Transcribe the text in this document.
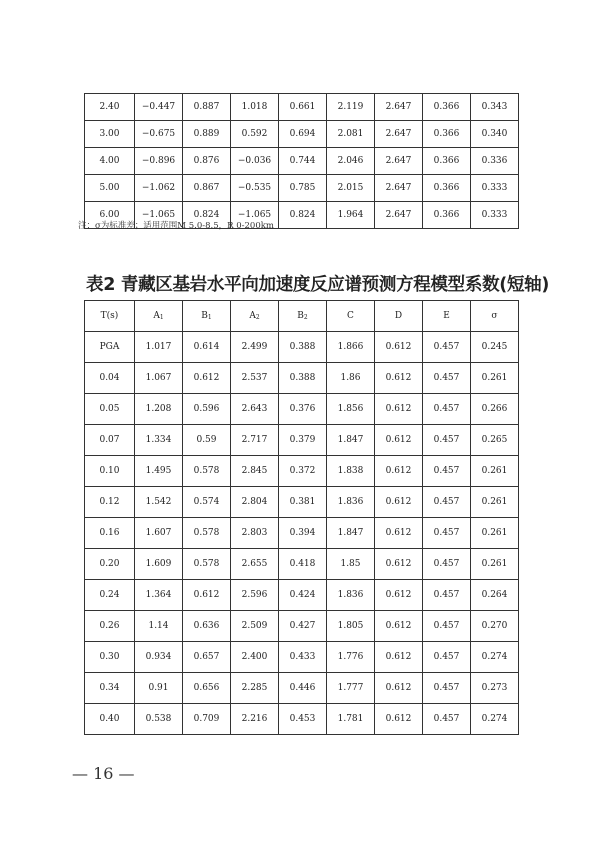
2.40	−0.447	0.887	1.018	0.661	2.119	2.647	0.366	0.343
3.00	−0.675	0.889	0.592	0.694	2.081	2.647	0.366	0.340
4.00	−0.896	0.876	−0.036	0.744	2.046	2.647	0.366	0.336
5.00	−1.062	0.867	−0.535	0.785	2.015	2.647	0.366	0.333
6.00	−1.065	0.824	−1.065	0.824	1.964	2.647	0.366	0.333
注：σ为标准差；适用范围M 5.0-8.5，R 0-200km
表2 青藏区基岩水平向加速度反应谱预测方程模型系数(短轴)
T(s)	A1	B1	A2	B2	C	D	E	σ
PGA	1.017	0.614	2.499	0.388	1.866	0.612	0.457	0.245
0.04	1.067	0.612	2.537	0.388	1.86	0.612	0.457	0.261
0.05	1.208	0.596	2.643	0.376	1.856	0.612	0.457	0.266
0.07	1.334	0.59	2.717	0.379	1.847	0.612	0.457	0.265
0.10	1.495	0.578	2.845	0.372	1.838	0.612	0.457	0.261
0.12	1.542	0.574	2.804	0.381	1.836	0.612	0.457	0.261
0.16	1.607	0.578	2.803	0.394	1.847	0.612	0.457	0.261
0.20	1.609	0.578	2.655	0.418	1.85	0.612	0.457	0.261
0.24	1.364	0.612	2.596	0.424	1.836	0.612	0.457	0.264
0.26	1.14	0.636	2.509	0.427	1.805	0.612	0.457	0.270
0.30	0.934	0.657	2.400	0.433	1.776	0.612	0.457	0.274
0.34	0.91	0.656	2.285	0.446	1.777	0.612	0.457	0.273
0.40	0.538	0.709	2.216	0.453	1.781	0.612	0.457	0.274
— 16 —
